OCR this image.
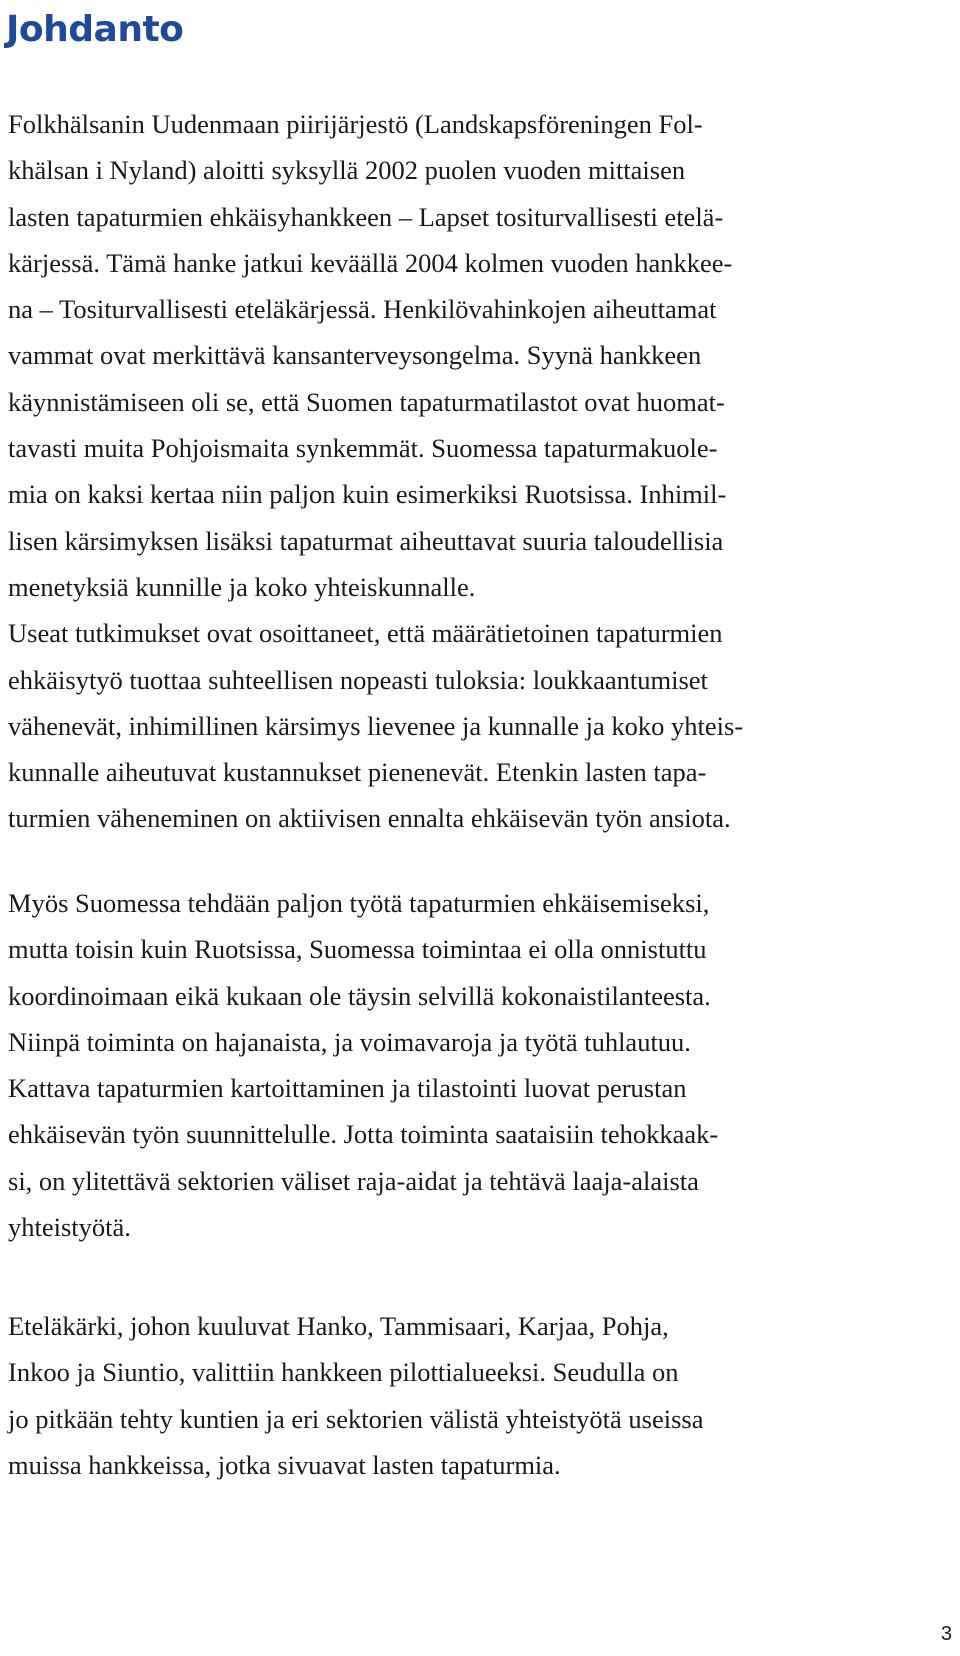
Johdanto
Folkhälsanin Uudenmaan piirijärjestö (Landskapsföreningen Fol-
khälsan i Nyland) aloitti syksyllä 2002 puolen vuoden mittaisen
lasten tapaturmien ehkäisyhankkeen – Lapset tositurvallisesti etelä-
kärjessä. Tämä hanke jatkui keväällä 2004 kolmen vuoden hankkee-
na – Tositurvallisesti eteläkärjessä. Henkilövahinkojen aiheuttamat
vammat ovat merkittävä kansanterveysongelma. Syynä hankkeen
käynnistämiseen oli se, että Suomen tapaturmatilastot ovat huomat-
tavasti muita Pohjoismaita synkemmät. Suomessa tapaturmakuole-
mia on kaksi kertaa niin paljon kuin esimerkiksi Ruotsissa. Inhimil-
lisen kärsimyksen lisäksi tapaturmat aiheuttavat suuria taloudellisia
menetyksiä kunnille ja koko yhteiskunnalle.
Useat tutkimukset ovat osoittaneet, että määrätietoinen tapaturmien
ehkäisytyö tuottaa suhteellisen nopeasti tuloksia: loukkaantumiset
vähenevät, inhimillinen kärsimys lievenee ja kunnalle ja koko yhteis-
kunnalle aiheutuvat kustannukset pienenevät. Etenkin lasten tapa-
turmien väheneminen on aktiivisen ennalta ehkäisevän työn ansiota.
Myös Suomessa tehdään paljon työtä tapaturmien ehkäisemiseksi,
mutta toisin kuin Ruotsissa, Suomessa toimintaa ei olla onnistuttu
koordinoimaan eikä kukaan ole täysin selvillä kokonaistilanteesta.
Niinpä toiminta on hajanaista, ja voimavaroja ja työtä tuhlautuu.
Kattava tapaturmien kartoittaminen ja tilastointi luovat perustan
ehkäisevän työn suunnittelulle. Jotta toiminta saataisiin tehokkaak-
si, on ylitettävä sektorien väliset raja-aidat ja tehtävä laaja-alaista
yhteistyötä.
Eteläkärki, johon kuuluvat Hanko, Tammisaari, Karjaa, Pohja,
Inkoo ja Siuntio, valittiin hankkeen pilottialueeksi. Seudulla on
jo pitkään tehty kuntien ja eri sektorien välistä yhteistyötä useissa
muissa hankkeissa, jotka sivuavat lasten tapaturmia.
3
